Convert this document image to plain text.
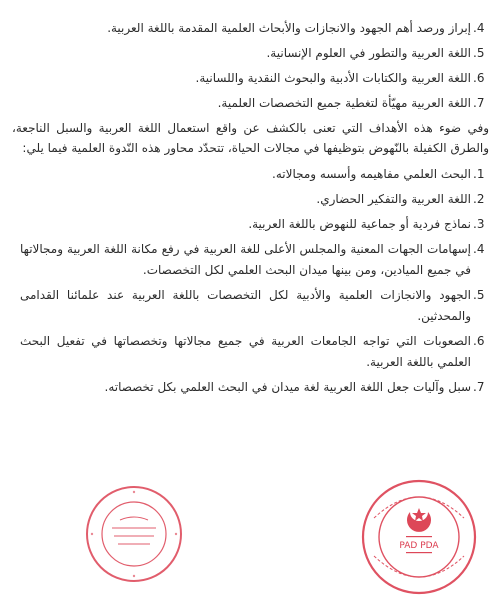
.4
إبراز ورصد أهم الجهود والانجازات والأبحاث العلمية المقدمة باللغة العربية.
.5
اللغة العربية والتطور في العلوم الإنسانية.
.6
اللغة العربية والكتابات الأدبية والبحوث النقدية واللسانية.
.7
اللغة العربية مهيّأة لتغطية جميع التخصصات العلمية.

وفي ضوء هذه الأهداف التي تعنى بالكشف عن واقع استعمال اللغة العربية والسبل الناجعة، والطرق الكفيلة بالنّهوض بتوظيفها في مجالات الحياة، تتحدّد محاور هذه النّدوة العلمية فيما يلي:

.1
البحث العلمي مفاهيمه وأسسه ومجالاته.
.2
اللغة العربية والتفكير الحضاري.
.3
نماذج فردية أو جماعية للنهوض باللغة العربية.
.4
إسهامات الجهات المعنية والمجلس الأعلى للغة العربية في رفع مكانة اللغة العربية ومجالاتها في جميع الميادين، ومن بينها ميدان البحث العلمي لكل التخصصات.
.5
الجهود والانجازات العلمية والأدبية لكل التخصصات باللغة العربية عند علمائنا القدامى والمحدثين.
.6
الصعوبات التي تواجه الجامعات العربية في جميع مجالاتها وتخصصاتها في تفعيل البحث العلمي باللغة العربية.
.7
سبل وآليات جعل اللغة العربية لغة ميدان في البحث العلمي بكل تخصصاته.
PAD PDA
